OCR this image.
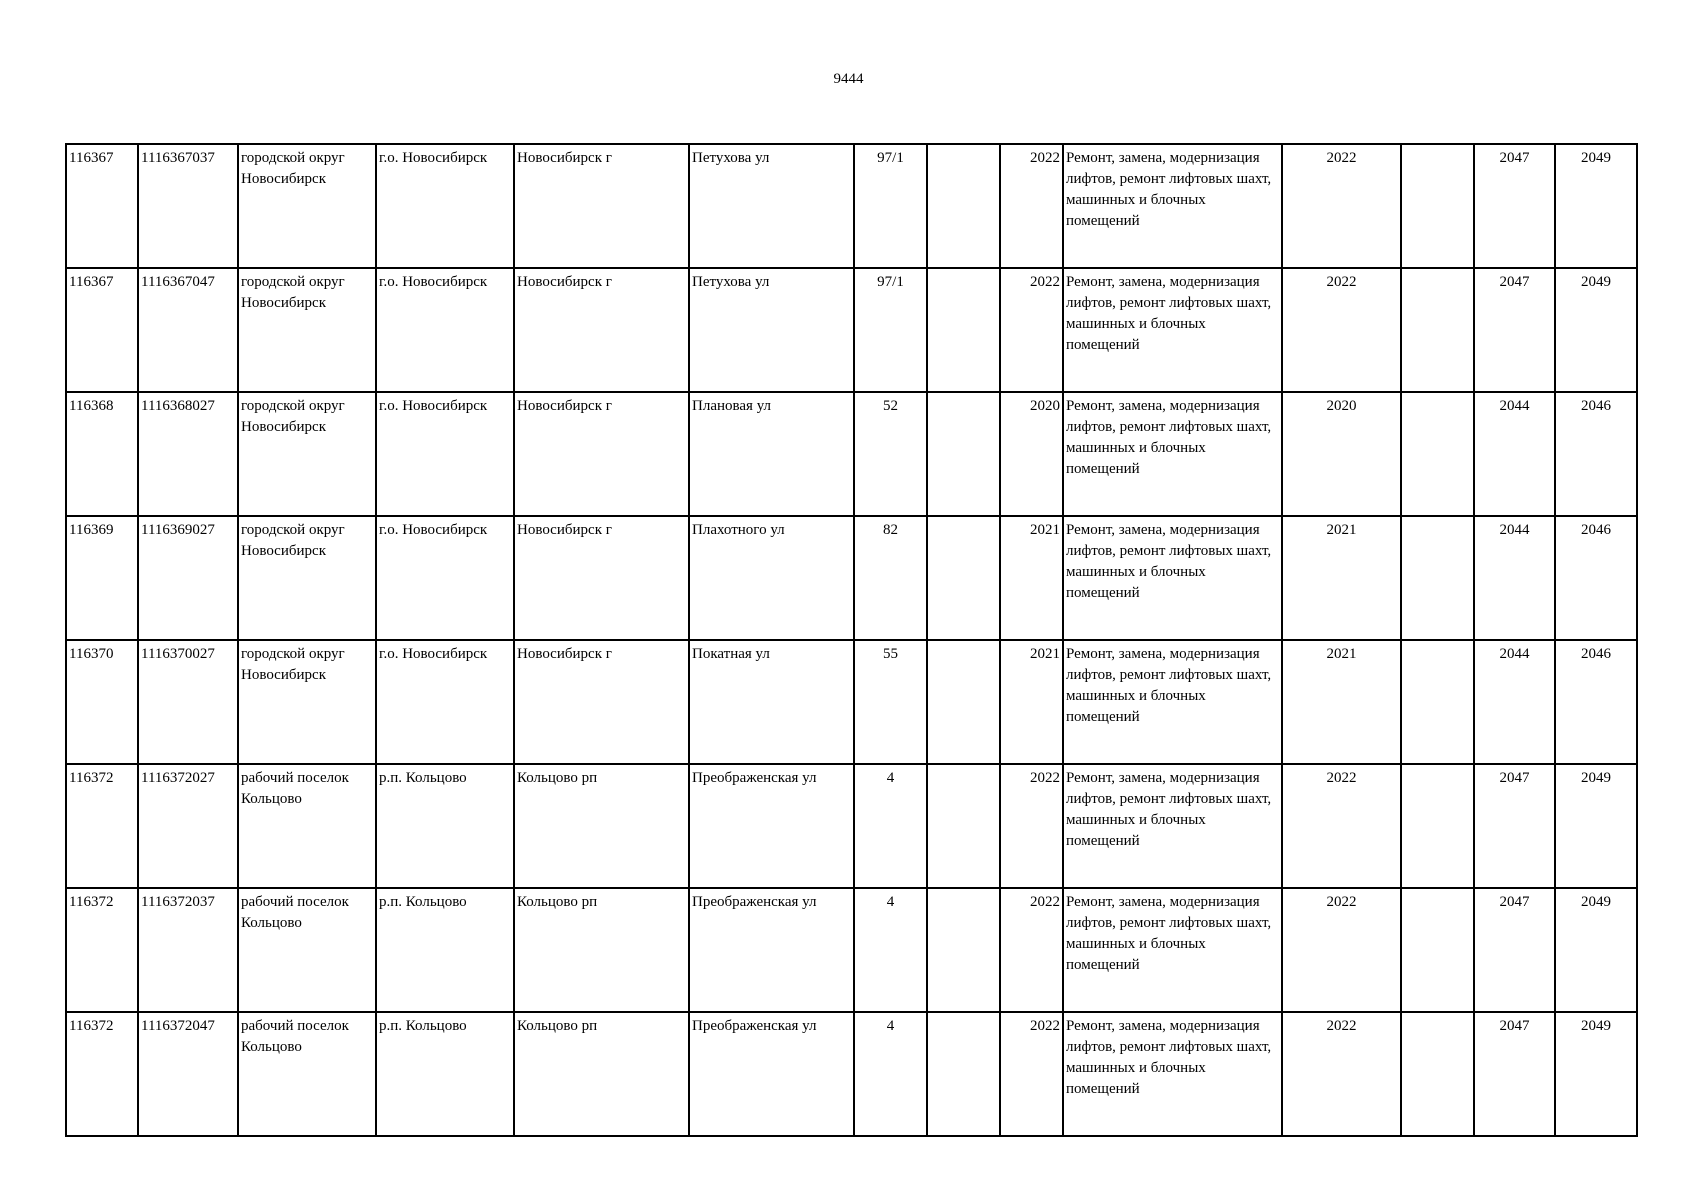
9444
116367	1116367037	городской округ Новосибирск	г.о. Новосибирск	Новосибирск г	Петухова ул	97/1		2022	Ремонт, замена, модернизация лифтов, ремонт лифтовых шахт, машинных и блочных помещений	2022		2047	2049
116367	1116367047	городской округ Новосибирск	г.о. Новосибирск	Новосибирск г	Петухова ул	97/1		2022	Ремонт, замена, модернизация лифтов, ремонт лифтовых шахт, машинных и блочных помещений	2022		2047	2049
116368	1116368027	городской округ Новосибирск	г.о. Новосибирск	Новосибирск г	Плановая ул	52		2020	Ремонт, замена, модернизация лифтов, ремонт лифтовых шахт, машинных и блочных помещений	2020		2044	2046
116369	1116369027	городской округ Новосибирск	г.о. Новосибирск	Новосибирск г	Плахотного ул	82		2021	Ремонт, замена, модернизация лифтов, ремонт лифтовых шахт, машинных и блочных помещений	2021		2044	2046
116370	1116370027	городской округ Новосибирск	г.о. Новосибирск	Новосибирск г	Покатная ул	55		2021	Ремонт, замена, модернизация лифтов, ремонт лифтовых шахт, машинных и блочных помещений	2021		2044	2046
116372	1116372027	рабочий поселок Кольцово	р.п. Кольцово	Кольцово рп	Преображенская ул	4		2022	Ремонт, замена, модернизация лифтов, ремонт лифтовых шахт, машинных и блочных помещений	2022		2047	2049
116372	1116372037	рабочий поселок Кольцово	р.п. Кольцово	Кольцово рп	Преображенская ул	4		2022	Ремонт, замена, модернизация лифтов, ремонт лифтовых шахт, машинных и блочных помещений	2022		2047	2049
116372	1116372047	рабочий поселок Кольцово	р.п. Кольцово	Кольцово рп	Преображенская ул	4		2022	Ремонт, замена, модернизация лифтов, ремонт лифтовых шахт, машинных и блочных помещений	2022		2047	2049
